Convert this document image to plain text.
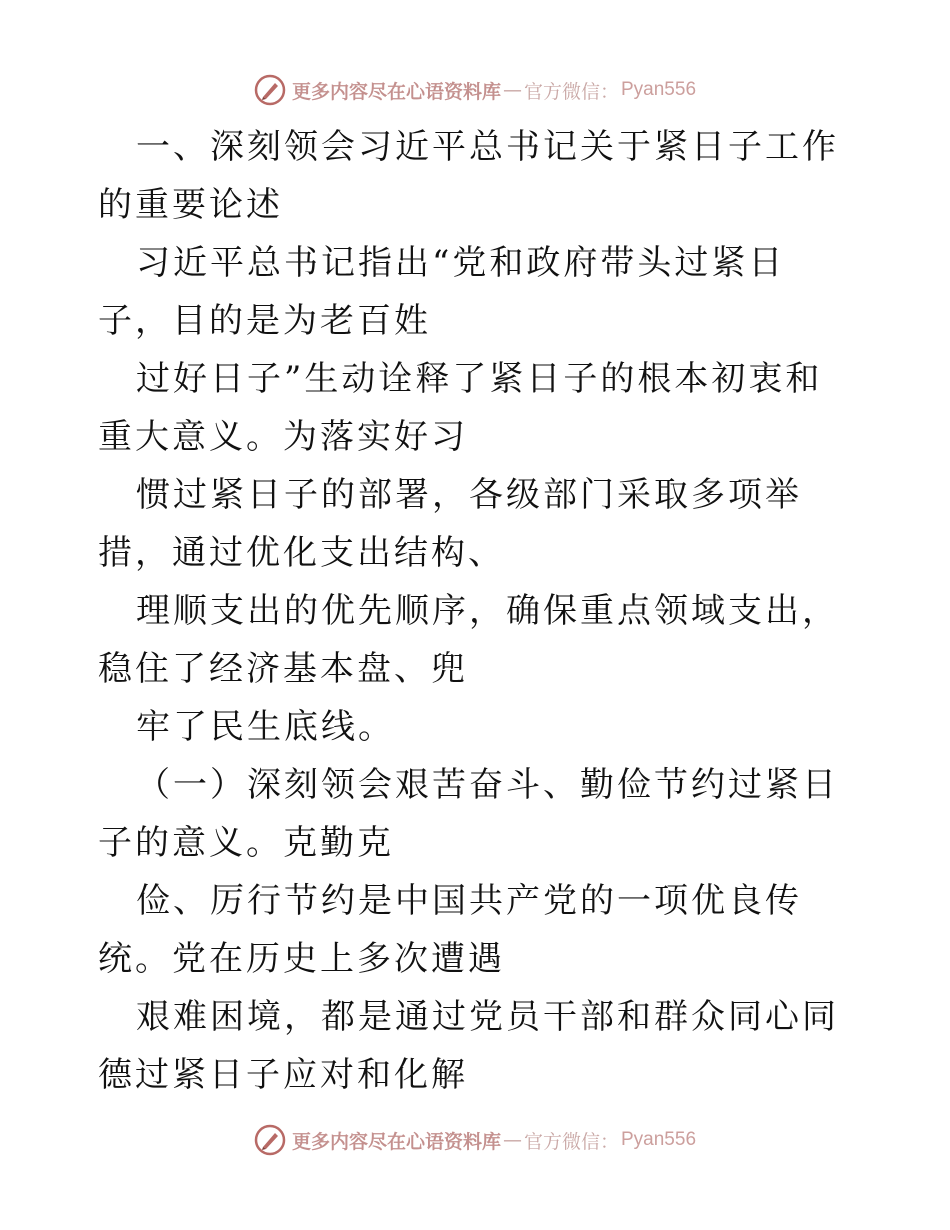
更多内容尽在心语资料库 — 官方微信： Pyan556

一、深刻领会习近平总书记关于紧日子工作的重要论述

习近平总书记指出“党和政府带头过紧日子，目的是为老百姓

过好日子”生动诠释了紧日子的根本初衷和重大意义。为落实好习

惯过紧日子的部署，各级部门采取多项举措，通过优化支出结构、

理顺支出的优先顺序，确保重点领域支出，稳住了经济基本盘、兜

牢了民生底线。

（一）深刻领会艰苦奋斗、勤俭节约过紧日子的意义。克勤克

俭、厉行节约是中国共产党的一项优良传统。党在历史上多次遭遇

艰难困境，都是通过党员干部和群众同心同德过紧日子应对和化解

更多内容尽在心语资料库 — 官方微信： Pyan556
